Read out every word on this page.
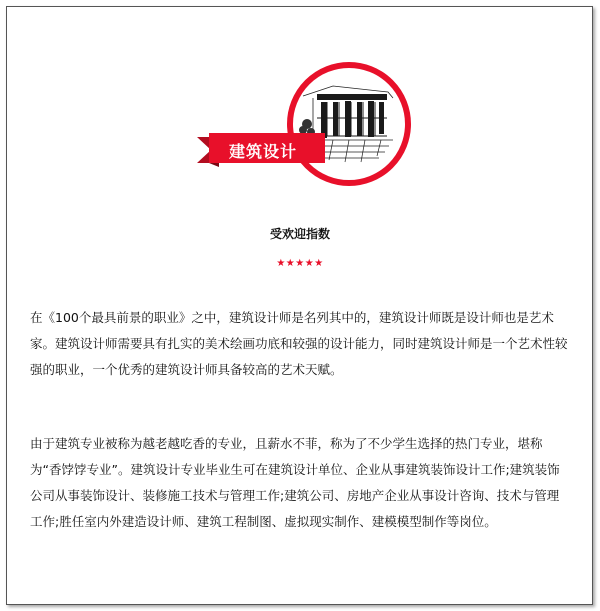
建筑设计
受欢迎指数
★★★★★

在《100个最具前景的职业》之中，建筑设计师是名列其中的，建筑设计师既是设计师也是艺术家。建筑设计师需要具有扎实的美术绘画功底和较强的设计能力，同时建筑设计师是一个艺术性较强的职业，一个优秀的建筑设计师具备较高的艺术天赋。

由于建筑专业被称为越老越吃香的专业，且薪水不菲，称为了不少学生选择的热门专业，堪称为“香饽饽专业”。建筑设计专业毕业生可在建筑设计单位、企业从事建筑装饰设计工作;建筑装饰公司从事装饰设计、装修施工技术与管理工作;建筑公司、房地产企业从事设计咨询、技术与管理工作;胜任室内外建造设计师、建筑工程制图、虚拟现实制作、建模模型制作等岗位。
